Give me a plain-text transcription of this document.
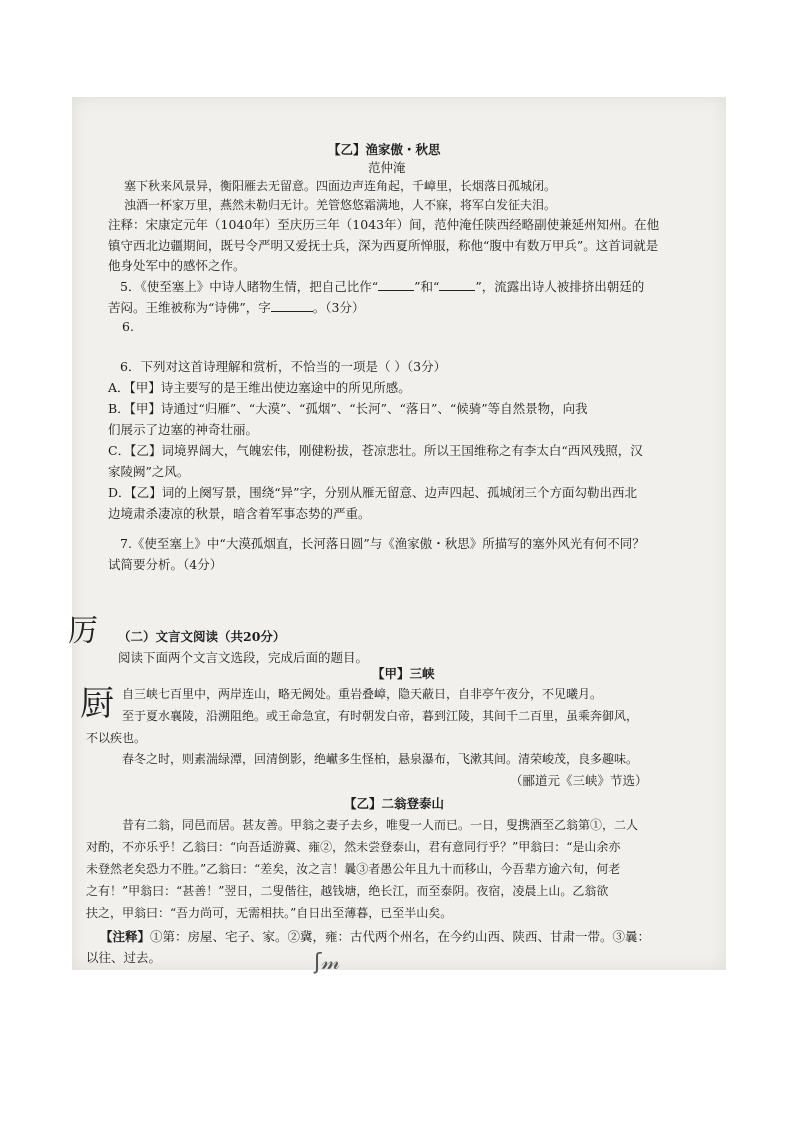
【乙】渔家傲・秋思
范仲淹
塞下秋来风景异，衡阳雁去无留意。四面边声连角起，千嶂里，长烟落日孤城闭。
浊酒一杯家万里，燕然未勒归无计。羌管悠悠霜满地，人不寐，将军白发征夫泪。
注释：宋康定元年（1040年）至庆历三年（1043年）间，范仲淹任陕西经略副使兼延州知州。在他
镇守西北边疆期间，既号令严明又爱抚士兵，深为西夏所惮服，称他“腹中有数万甲兵”。这首词就是
他身处军中的感怀之作。
5．《使至塞上》中诗人睹物生情，把自己比作“	”和“	”，流露出诗人被排挤出朝廷的
苦闷。王维被称为“诗佛”，字	。（3分）
6.
6．下列对这首诗理解和赏析，不恰当的一项是（ ）（3分）
A．【甲】诗主要写的是王维出使边塞途中的所见所感。
B．【甲】诗通过“归雁”、“大漠”、“孤烟”、“长河”、“落日”、“候骑”等自然景物，向我
们展示了边塞的神奇壮丽。
C．【乙】词境界阔大，气魄宏伟，刚健粉拔，苍凉悲壮。所以王国维称之有李太白“西风残照，汉
家陵阙”之风。
D．【乙】词的上阕写景，围绕“异”字，分别从雁无留意、边声四起、孤城闭三个方面勾勒出西北
边境肃杀凄凉的秋景，暗含着军事态势的严重。
7.《使至塞上》中“大漠孤烟直，长河落日圆”与《渔家傲・秋思》所描写的塞外风光有何不同？
试简要分析。（4分）
厉 （二）文言文阅读（共20分）
阅读下面两个文言文选段，完成后面的题目。
【甲】三峡
厨 自三峡七百里中，两岸连山，略无阙处。重岩叠嶂，隐天蔽日，自非亭午夜分，不见曦月。
至于夏水襄陵，沿溯阻绝。或王命急宣，有时朝发白帝，暮到江陵，其间千二百里，虽乘奔御风，
不以疾也。
春冬之时，则素湍绿潭，回清倒影，绝𪩘多生怪柏，悬泉瀑布，飞漱其间。清荣峻茂，良多趣味。
（郦道元《三峡》节选）
【乙】二翁登泰山
昔有二翁，同邑而居。甚友善。甲翁之妻子去乡，唯叟一人而已。一日，叟携酒至乙翁第①，二人
对酌，不亦乐乎！乙翁曰：“向吾适游冀、雍②，然未尝登泰山，君有意同行乎？”甲翁曰：“是山余亦
未登然老矣恐力不胜。”乙翁曰：“差矣，汝之言！曩③者愚公年且九十而移山，今吾辈方逾六旬，何老
之有！”甲翁曰：“甚善！”翌日，二叟偕往，越钱塘，绝长江，而至泰阴。夜宿，凌晨上山。乙翁欲
扶之，甲翁曰：“吾力尚可，无需相扶。”自日出至薄暮，已至半山矣。
【注释】①第：房屋、宅子、家。②冀，雍：古代两个州名，在今约山西、陕西、甘肃一带。③曩：
以往、过去。	ʃ𝓂
